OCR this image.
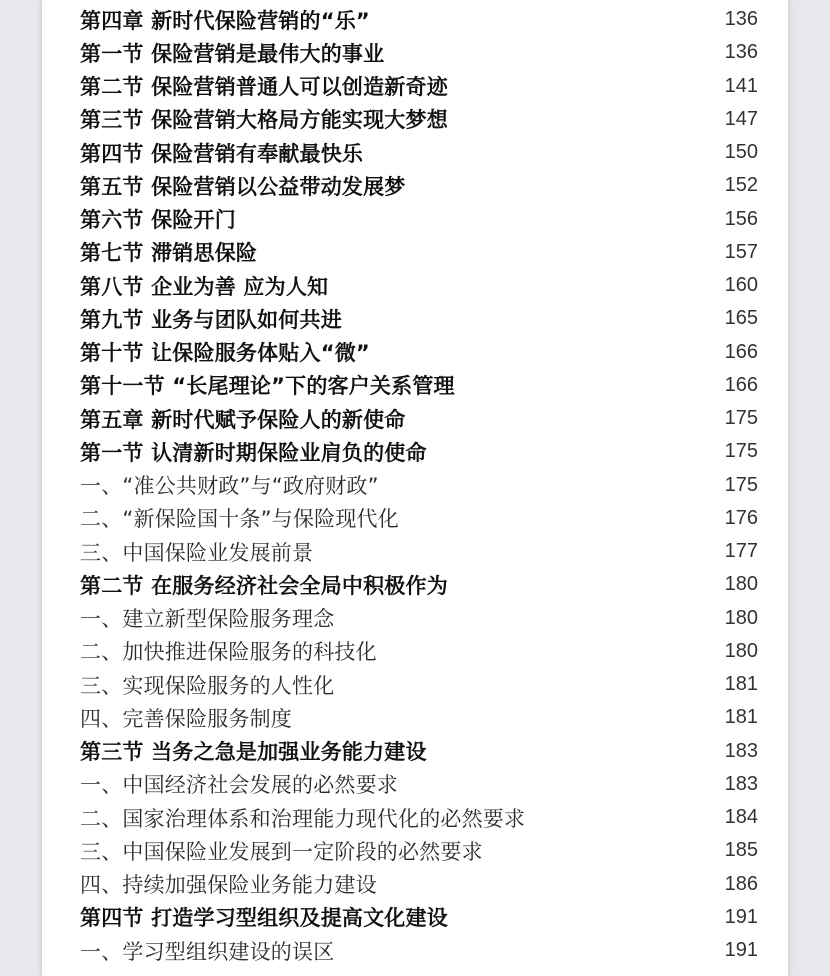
第四章 新时代保险营销的“乐”	136
第一节 保险营销是最伟大的事业	136
第二节 保险营销普通人可以创造新奇迹	141
第三节 保险营销大格局方能实现大梦想	147
第四节 保险营销有奉献最快乐	150
第五节 保险营销以公益带动发展梦	152
第六节 保险开门	156
第七节 滞销思保险	157
第八节 企业为善 应为人知	160
第九节 业务与团队如何共进	165
第十节 让保险服务体贴入“微”	166
第十一节 “长尾理论”下的客户关系管理	166
第五章 新时代赋予保险人的新使命	175
第一节 认清新时期保险业肩负的使命	175
一、“准公共财政”与“政府财政”	175
二、“新保险国十条”与保险现代化	176
三、中国保险业发展前景	177
第二节 在服务经济社会全局中积极作为	180
一、建立新型保险服务理念	180
二、加快推进保险服务的科技化	180
三、实现保险服务的人性化	181
四、完善保险服务制度	181
第三节 当务之急是加强业务能力建设	183
一、中国经济社会发展的必然要求	183
二、国家治理体系和治理能力现代化的必然要求	184
三、中国保险业发展到一定阶段的必然要求	185
四、持续加强保险业务能力建设	186
第四节 打造学习型组织及提高文化建设	191
一、学习型组织建设的误区	191
